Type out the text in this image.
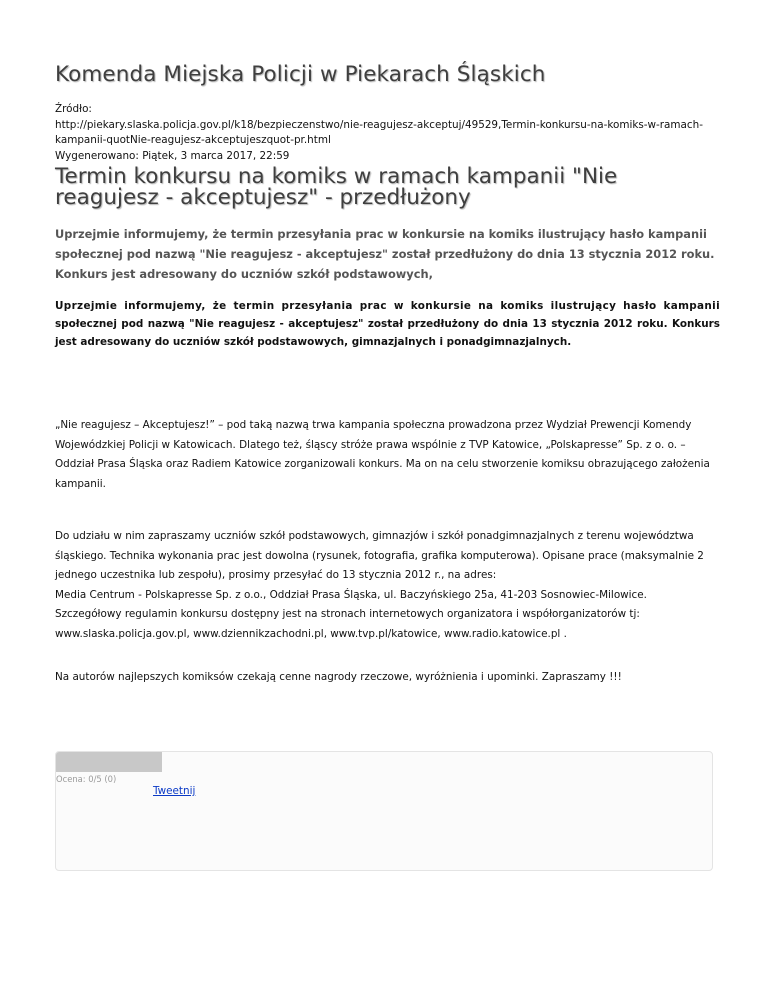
Komenda Miejska Policji w Piekarach Śląskich
Źródło:
http://piekary.slaska.policja.gov.pl/k18/bezpieczenstwo/nie-reagujesz-akceptuj/49529,Termin-konkursu-na-komiks-w-ramach-
kampanii-quotNie-reagujesz-akceptujeszquot-pr.html
Wygenerowano: Piątek, 3 marca 2017, 22:59
Termin konkursu na komiks w ramach kampanii "Nie reagujesz - akceptujesz" - przedłużony

Uprzejmie informujemy, że termin przesyłania prac w konkursie na komiks ilustrujący hasło kampanii społecznej pod nazwą "Nie reagujesz - akceptujesz" został przedłużony do dnia 13 stycznia 2012 roku. Konkurs jest adresowany do uczniów szkół podstawowych,

Uprzejmie informujemy, że termin przesyłania prac w konkursie na komiks ilustrujący hasło kampanii
społecznej pod nazwą "Nie reagujesz - akceptujesz" został przedłużony do dnia 13 stycznia 2012 roku. Konkurs jest adresowany do uczniów szkół podstawowych, gimnazjalnych i ponadgimnazjalnych.

„Nie reagujesz – Akceptujesz!” – pod taką nazwą trwa kampania społeczna prowadzona przez Wydział Prewencji Komendy Wojewódzkiej Policji w Katowicach. Dlatego też, śląscy stróże prawa wspólnie z TVP Katowice, „Polskapresse” Sp. z o. o. – Oddział Prasa Śląska oraz Radiem Katowice zorganizowali konkurs. Ma on na celu stworzenie komiksu obrazującego założenia kampanii.

Do udziału w nim zapraszamy uczniów szkół podstawowych, gimnazjów i szkół ponadgimnazjalnych z terenu województwa śląskiego. Technika wykonania prac jest dowolna (rysunek, fotografia, grafika komputerowa). Opisane prace (maksymalnie 2 jednego uczestnika lub zespołu), prosimy przesyłać do 13 stycznia 2012 r., na adres:
Media Centrum - Polskapresse Sp. z o.o., Oddział Prasa Śląska, ul. Baczyńskiego 25a, 41-203 Sosnowiec-Milowice.
Szczegółowy regulamin konkursu dostępny jest na stronach internetowych organizatora i współorganizatorów tj: www.slaska.policja.gov.pl, www.dziennikzachodni.pl, www.tvp.pl/katowice, www.radio.katowice.pl .

Na autorów najlepszych komiksów czekają cenne nagrody rzeczowe, wyróżnienia i upominki. Zapraszamy !!!

Ocena: 0/5 (0)
Tweetnij
